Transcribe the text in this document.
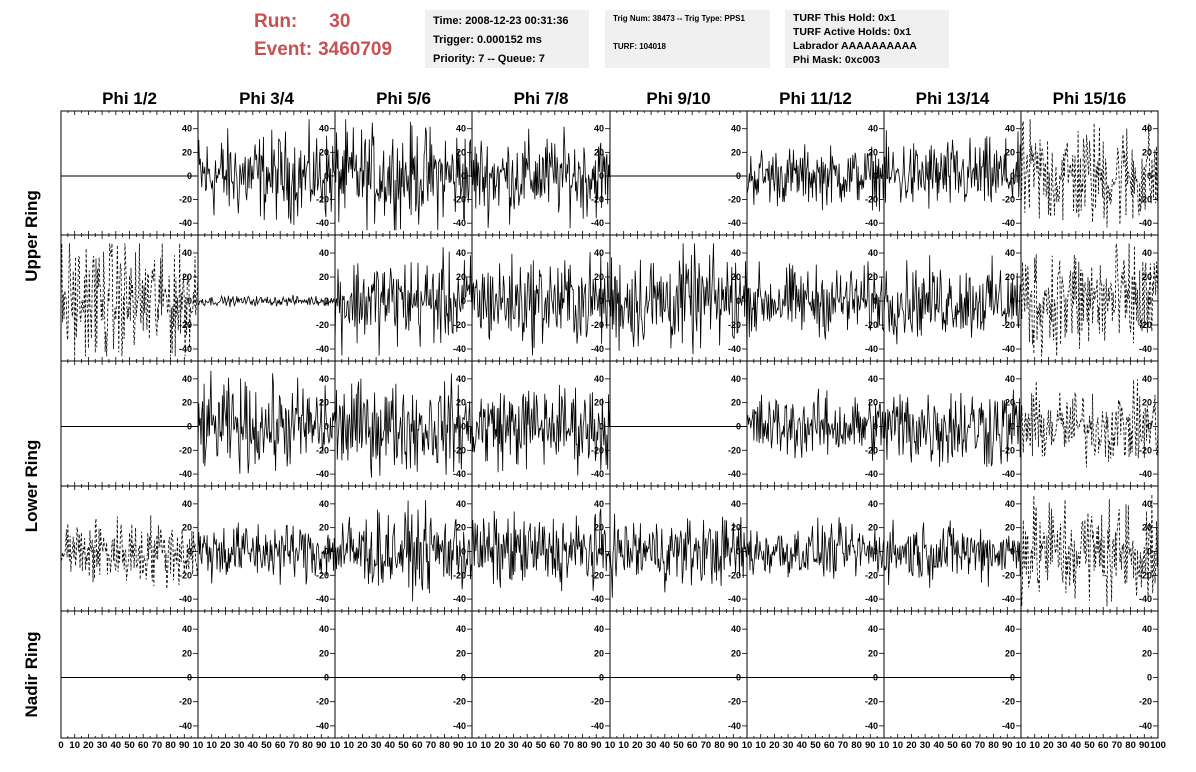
Run: 30
Event: 3460709
Time: 2008-12-23 00:31:36
Trigger: 0.000152 ms
Priority: 7 -- Queue: 7
Trig Num: 38473 -- Trig Type: PPS1
TURF: 104018
TURF This Hold: 0x1
TURF Active Holds: 0x1
Labrador AAAAAAAAAA
Phi Mask: 0xc003
Phi 1/2	Phi 3/4	Phi 5/6	Phi 7/8	Phi 9/10	Phi 11/12	Phi 13/14	Phi 15/16
Upper Ring
Lower Ring
Nadir Ring
-40
-20
0
20
40
-40
-20
0
20
40
-40
-20
0
20
40
-40
-20
0
20
40
-40
-20
0
20
40
-40
-20
0
20
40
-40
-20
0
20
40
-40
-20
0
20
40
-40
-20
0
20
40
-40
-20
0
20
40
-40
-20
0
20
40
-40
-20
0
20
40
-40
-20
0
20
40
-40
-20
0
20
40
-40
-20
0
20
40
-40
-20
0
20
40
-40
-20
0
20
40
-40
-20
0
20
40
-40
-20
0
20
40
-40
-20
0
20
40
-40
-20
0
20
40
-40
-20
0
20
40
-40
-20
0
20
40
-40
-20
0
20
40
-40
-20
0
20
40
-40
-20
0
20
40
-40
-20
0
20
40
-40
-20
0
20
40
-40
-20
0
20
40
-40
-20
0
20
40
-40
-20
0
20
40
-40
-20
0
20
40
-40
-20
0
20
40
-40
-20
0
20
40
-40
-20
0
20
40
-40
-20
0
20
40
-40
-20
0
20
40
-40
-20
0
20
40
-40
-20
0
20
40
-40
-20
0
20
40
0 10 20 30 40 50 60 70 80 90 10 10 20 30 40 50 60 70 80 90 10 10 20 30 40 50 60 70 80 90 10 10 20 30 40 50 60 70 80 90 10 10 20 30 40 50 60 70 80 90 10 10 20 30 40 50 60 70 80 90 10 10 20 30 40 50 60 70 80 90 10 10 20 30 40 50 60 70 80 90 100
